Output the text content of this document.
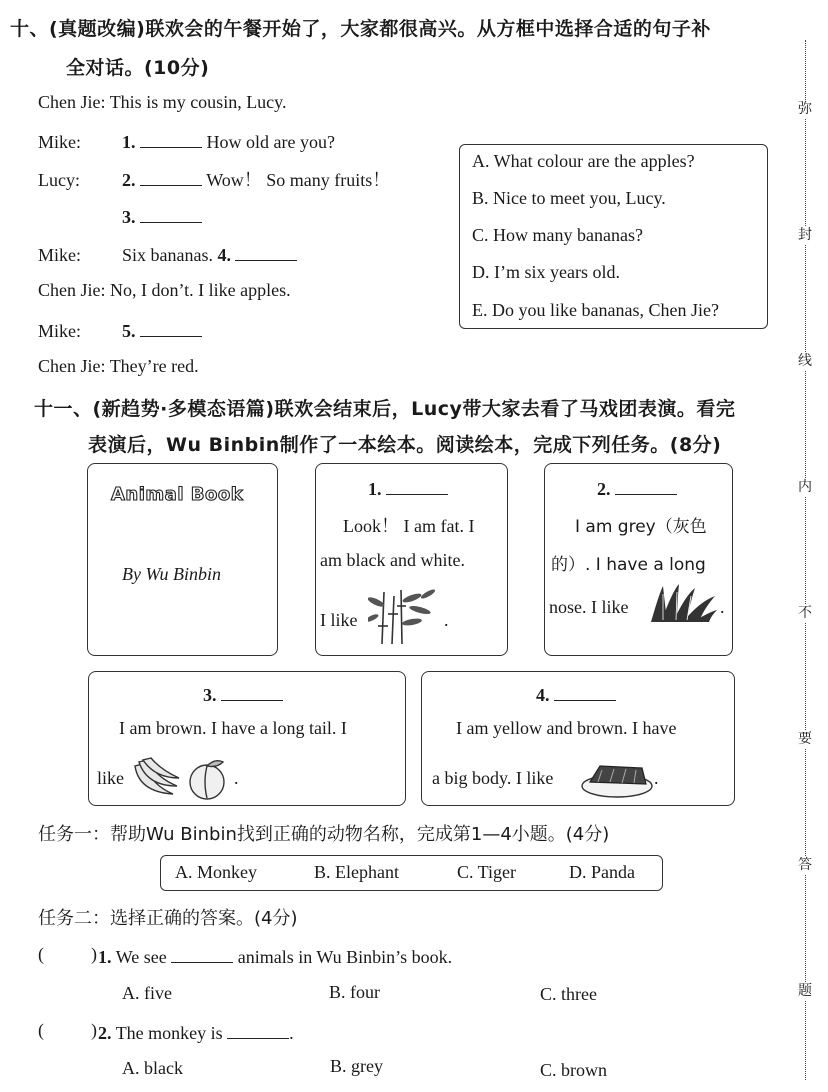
十、(真题改编)联欢会的午餐开始了，大家都很高兴。从方框中选择合适的句子补
全对话。(10分)
Chen Jie: This is my cousin, Lucy.
Mike: 1.	How old are you?
Lucy: 2.	Wow！ So many fruits！
3.
Mike: Six bananas. 4.
Chen Jie: No, I don’t. I like apples.
Mike: 5.
Chen Jie: They’re red.
A. What colour are the apples?
B. Nice to meet you, Lucy.
C. How many bananas?
D. I’m six years old.
E. Do you like bananas, Chen Jie?
十一、(新趋势·多模态语篇)联欢会结束后，Lucy带大家去看了马戏团表演。看完
表演后，Wu Binbin制作了一本绘本。阅读绘本，完成下列任务。(8分)
Animal Book
By Wu Binbin
1.
Look！ I am fat. I
am black and white.
I like	.
2.
I am grey（灰色
的）. I have a long
nose. I like	.
3.
I am brown. I have a long tail. I
like	.
4.
I am yellow and brown. I have
a big body. I like	.
任务一：帮助Wu Binbin找到正确的动物名称，完成第1—4小题。(4分)
A. Monkey	B. Elephant	C. Tiger	D. Panda
任务二：选择正确的答案。(4分)
(	) 1. We see	animals in Wu Binbin’s book.
A. five	B. four	C. three
(	) 2. The monkey is	.
A. black	B. grey	C. brown
弥
封
线
内
不
要
答
题
